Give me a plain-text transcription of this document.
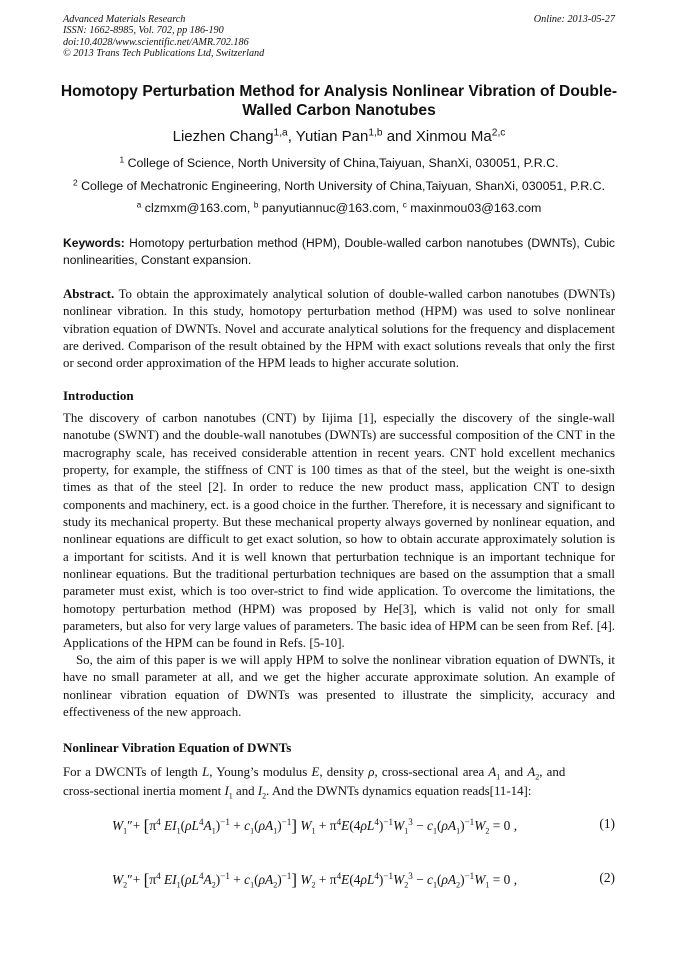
Advanced Materials Research
ISSN: 1662-8985, Vol. 702, pp 186-190
doi:10.4028/www.scientific.net/AMR.702.186
© 2013 Trans Tech Publications Ltd, Switzerland
Online: 2013-05-27
Homotopy Perturbation Method for Analysis Nonlinear Vibration of Double-Walled Carbon Nanotubes
Liezhen Chang$^{1,a}$, Yutian Pan$^{1,b}$ and Xinmou Ma$^{2,c}$
$^1$ College of Science, North University of China,Taiyuan, ShanXi, 030051, P.R.C.
$^2$ College of Mechatronic Engineering, North University of China,Taiyuan, ShanXi, 030051, P.R.C.
$^a$ clzmxm@163.com, $^b$ panyutiannuc@163.com, $^c$ maxinmou03@163.com
Keywords: Homotopy perturbation method (HPM), Double-walled carbon nanotubes (DWNTs), Cubic nonlinearities, Constant expansion.
Abstract. To obtain the approximately analytical solution of double-walled carbon nanotubes (DWNTs) nonlinear vibration. In this study, homotopy perturbation method (HPM) was used to solve nonlinear vibration equation of DWNTs. Novel and accurate analytical solutions for the frequency and displacement are derived. Comparison of the result obtained by the HPM with exact solutions reveals that only the first or second order approximation of the HPM leads to higher accurate solution.
Introduction
The discovery of carbon nanotubes (CNT) by Iijima [1], especially the discovery of the single-wall nanotube (SWNT) and the double-wall nanotubes (DWNTs) are successful composition of the CNT in the macrography scale, has received considerable attention in recent years. CNT hold excellent mechanics property, for example, the stiffness of CNT is 100 times as that of the steel, but the weight is one-sixth times as that of the steel [2]. In order to reduce the new product mass, application CNT to design components and machinery, ect. is a good choice in the further. Therefore, it is necessary and significant to study its mechanical property. But these mechanical property always governed by nonlinear equation, and nonlinear equations are difficult to get exact solution, so how to obtain accurate approximately solution is a important for scitists. And it is well known that perturbation technique is an important technique for nonlinear equations. But the traditional perturbation techniques are based on the assumption that a small parameter must exist, which is too over-strict to find wide application. To overcome the limitations, the homotopy perturbation method (HPM) was proposed by He[3], which is valid not only for small parameters, but also for very large values of parameters. The basic idea of HPM can be seen from Ref. [4]. Applications of the HPM can be found in Refs. [5-10].
So, the aim of this paper is we will apply HPM to solve the nonlinear vibration equation of DWNTs, it have no small parameter at all, and we get the higher accurate approximate solution. An example of nonlinear vibration equation of DWNTs was presented to illustrate the simplicity, accuracy and effectiveness of the new approach.
Nonlinear Vibration Equation of DWNTs
For a DWCNTs of length L, Young’s modulus E, density ρ, cross-sectional area $A_1$ and $A_2$, and
cross-sectional inertia moment $I_1$ and $I_2$. And the DWNTs dynamics equation reads[11-14]:
$W_1''+ [\pi^4$ $EI_1(\rho L^4A_1)^{-1} + c_1(\rho A_1)^{-1}$] $W_1 + \pi^4E(4\rho L^4)^{-1}W_1^3 - c_1(\rho A_1)^{-1}W_2 = 0$ ,	(1)
$W_2''+ [\pi^4$ $EI_1(\rho L^4A_2)^{-1} + c_1(\rho A_2)^{-1}$] $W_2 + \pi^4E(4\rho L^4)^{-1}W_2^3 - c_1(\rho A_2)^{-1}W_1 = 0$ ,	(2)
